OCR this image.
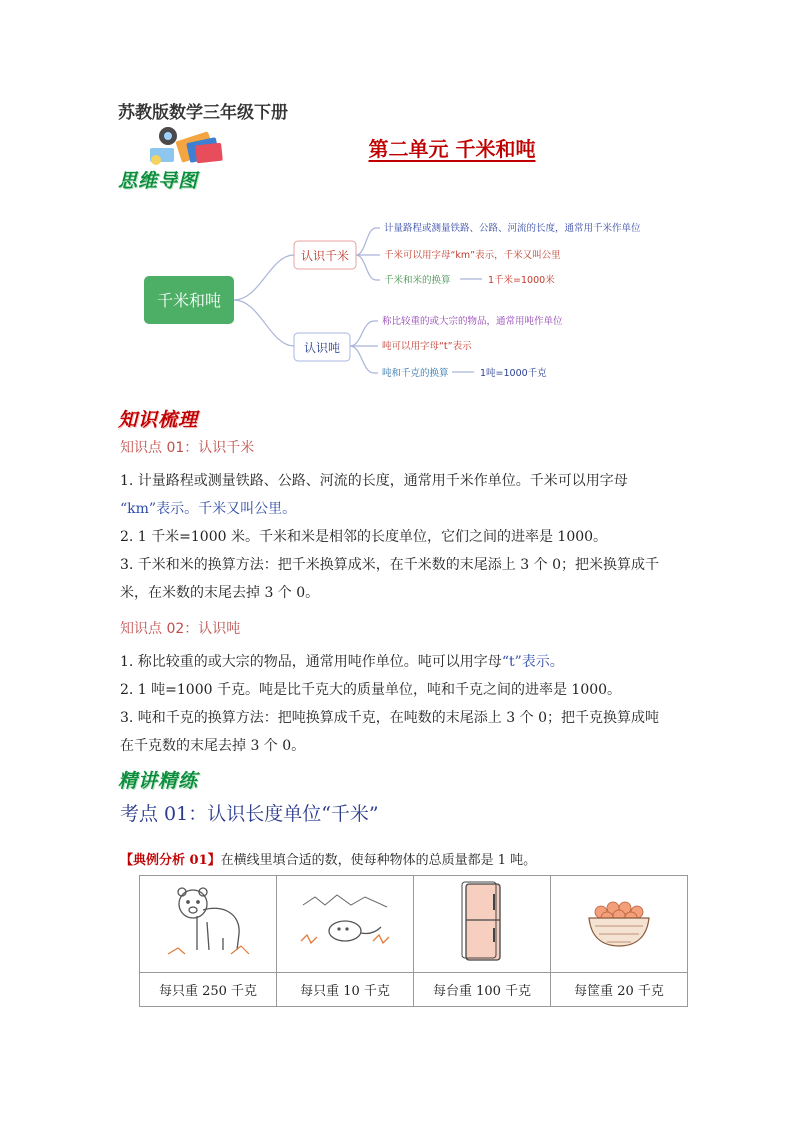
苏教版数学三年级下册
第二单元 千米和吨
思维导图
千米和吨
认识千米
认识吨
计量路程或测量铁路、公路、河流的长度，通常用千米作单位
千米可以用字母“km”表示，千米又叫公里
千米和米的换算	1千米=1000米
称比较重的或大宗的物品，通常用吨作单位
吨可以用字母“t”表示
吨和千克的换算	1吨=1000千克
知识梳理
知识点 01：认识千米
1. 计量路程或测量铁路、公路、河流的长度，通常用千米作单位。千米可以用字母
“km”表示。千米又叫公里。
2. 1 千米=1000 米。千米和米是相邻的长度单位，它们之间的进率是 1000。
3. 千米和米的换算方法：把千米换算成米，在千米数的末尾添上 3 个 0；把米换算成千
米，在米数的末尾去掉 3 个 0。
知识点 02：认识吨
1. 称比较重的或大宗的物品，通常用吨作单位。吨可以用字母“t”表示。
2. 1 吨=1000 千克。吨是比千克大的质量单位，吨和千克之间的进率是 1000。
3. 吨和千克的换算方法：把吨换算成千克，在吨数的末尾添上 3 个 0；把千克换算成吨
在千克数的末尾去掉 3 个 0。
精讲精练
考点 01：认识长度单位“千米”
【典例分析 01】在横线里填合适的数，使每种物体的总质量都是 1 吨。

每只重 250 千克	每只重 10 千克	每台重 100 千克	每筐重 20 千克
